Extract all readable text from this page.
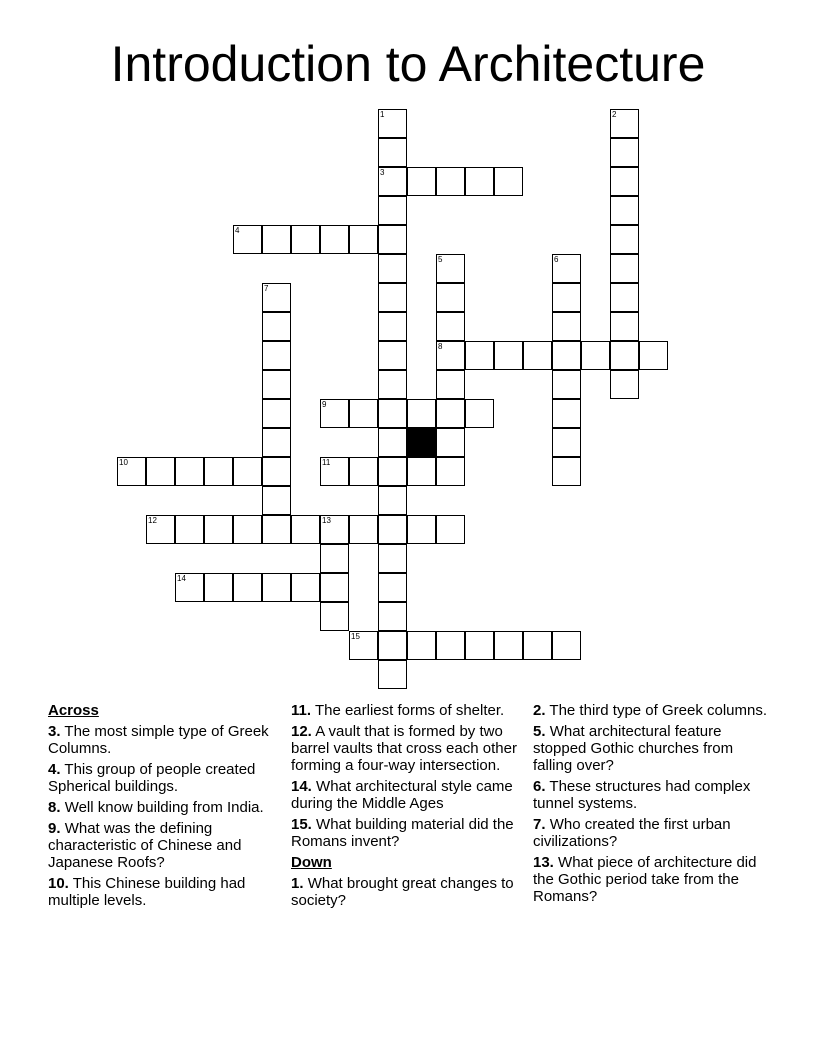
Introduction to Architecture
1
3
2
4
5
8
6
7
9
10	11
12	13
14
15
Across
3. The most simple type of Greek Columns.
4. This group of people created Spherical buildings.
8. Well know building from India.
9. What was the defining characteristic of Chinese and Japanese Roofs?
10. This Chinese building had multiple levels.
11. The earliest forms of shelter.
12. A vault that is formed by two barrel vaults that cross each other forming a four-way intersection.
14. What architectural style came during the Middle Ages
15. What building material did the Romans invent?
Down
1. What brought great changes to society?
2. The third type of Greek columns.
5. What architectural feature stopped Gothic churches from falling over?
6. These structures had complex tunnel systems.
7. Who created the first urban civilizations?
13. What piece of architecture did the Gothic period take from the Romans?
